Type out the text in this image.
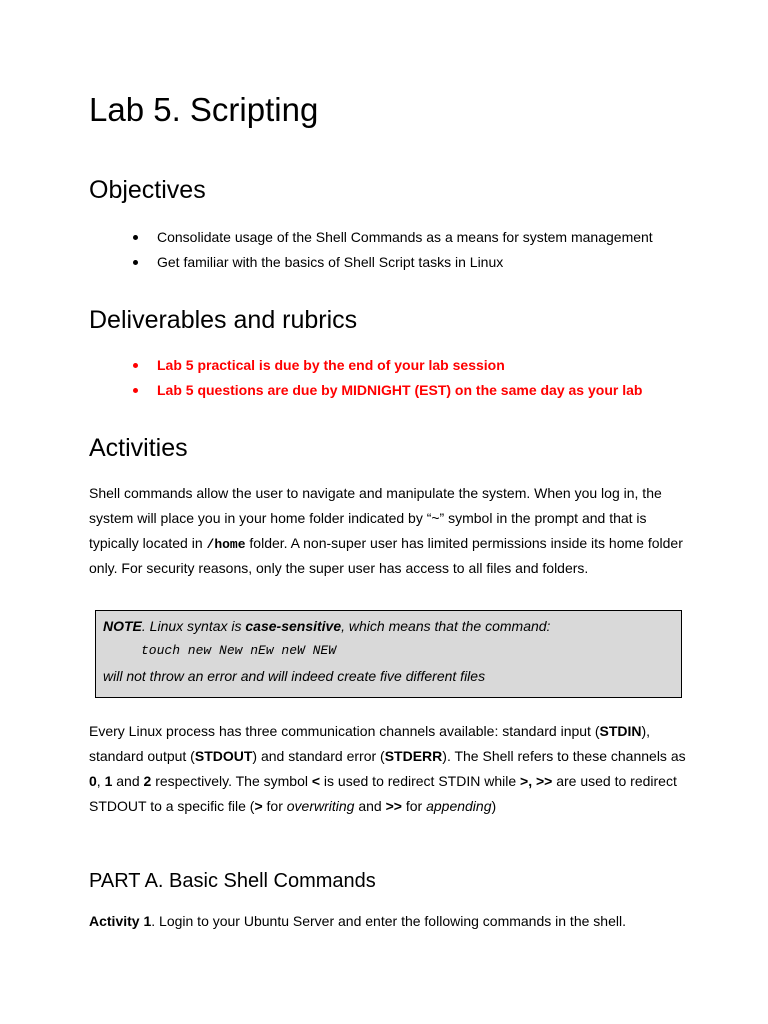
Lab 5. Scripting
Objectives
Consolidate usage of the Shell Commands as a means for system management
Get familiar with the basics of Shell Script tasks in Linux
Deliverables and rubrics
Lab 5 practical is due by the end of your lab session
Lab 5 questions are due by MIDNIGHT (EST) on the same day as your lab
Activities
Shell commands allow the user to navigate and manipulate the system. When you log in, the
system will place you in your home folder indicated by “~” symbol in the prompt and that is
typically located in /home folder. A non-super user has limited permissions inside its home folder
only. For security reasons, only the super user has access to all files and folders.
NOTE. Linux syntax is case-sensitive, which means that the command:
touch new New nEw neW NEW
will not throw an error and will indeed create five different files
Every Linux process has three communication channels available: standard input (STDIN),
standard output (STDOUT) and standard error (STDERR). The Shell refers to these channels as
0, 1 and 2 respectively. The symbol < is used to redirect STDIN while >, >> are used to redirect
STDOUT to a specific file (> for overwriting and >> for appending)
PART A. Basic Shell Commands
Activity 1. Login to your Ubuntu Server and enter the following commands in the shell.
